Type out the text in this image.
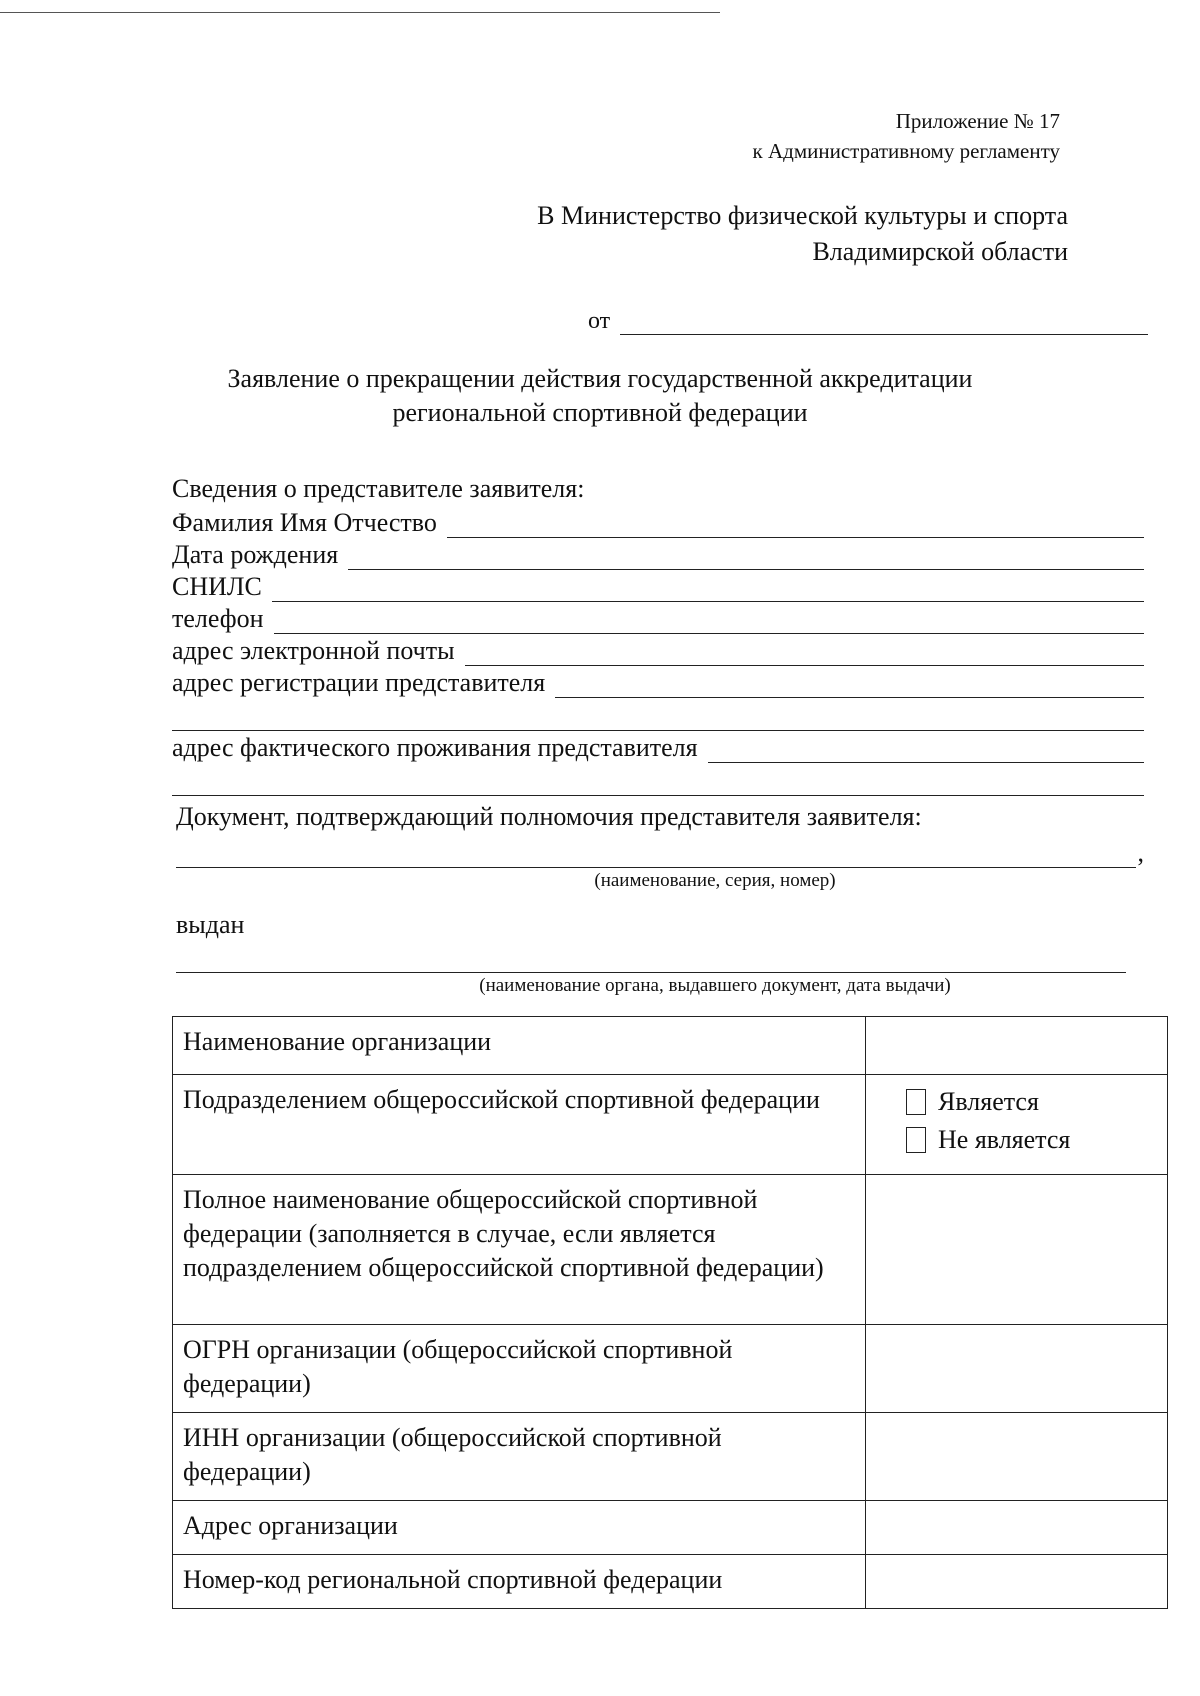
Приложение № 17
к Административному регламенту
В Министерство физической культуры и спорта
Владимирской области
от
Заявление о прекращении действия государственной аккредитации
региональной спортивной федерации
Сведения о представителе заявителя:
Фамилия Имя Отчество
Дата рождения
СНИЛС
телефон
адрес электронной почты
адрес регистрации представителя
адрес фактического проживания представителя
Документ, подтверждающий полномочия представителя заявителя:
,
(наименование, серия, номер)
выдан
(наименование органа, выдавшего документ, дата выдачи)
Наименование организации	
Подразделением общероссийской спортивной федерации	Является
Не является

Полное наименование общероссийской спортивной федерации (заполняется в случае, если является подразделением общероссийской спортивной федерации)	
ОГРН организации (общероссийской спортивной федерации)	
ИНН организации (общероссийской спортивной федерации)	
Адрес организации	
Номер-код региональной спортивной федерации	
